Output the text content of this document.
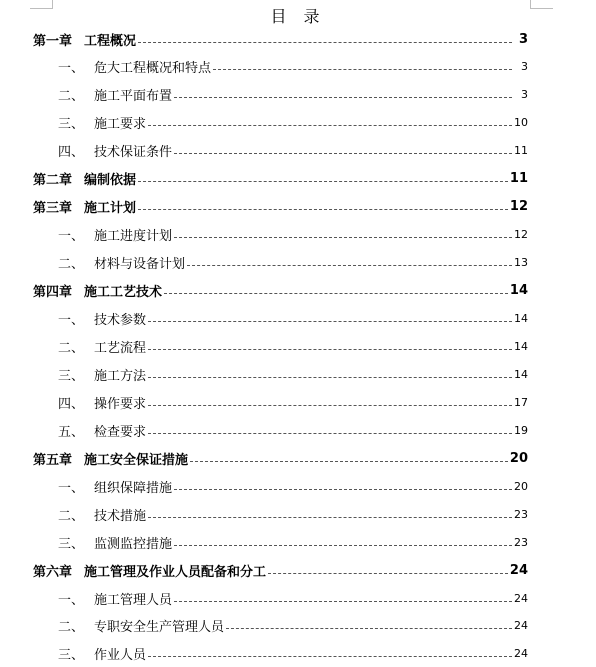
目 录
第一章 工程概况	3
一、 危大工程概况和特点	3
二、 施工平面布置	3
三、 施工要求	10
四、 技术保证条件	11
第二章 编制依据	11
第三章 施工计划	12
一、 施工进度计划	12
二、 材料与设备计划	13
第四章 施工工艺技术	14
一、 技术参数	14
二、 工艺流程	14
三、 施工方法	14
四、 操作要求	17
五、 检查要求	19
第五章 施工安全保证措施	20
一、 组织保障措施	20
二、 技术措施	23
三、 监测监控措施	23
第六章 施工管理及作业人员配备和分工	24
一、 施工管理人员	24
二、 专职安全生产管理人员	24
三、 作业人员	24
